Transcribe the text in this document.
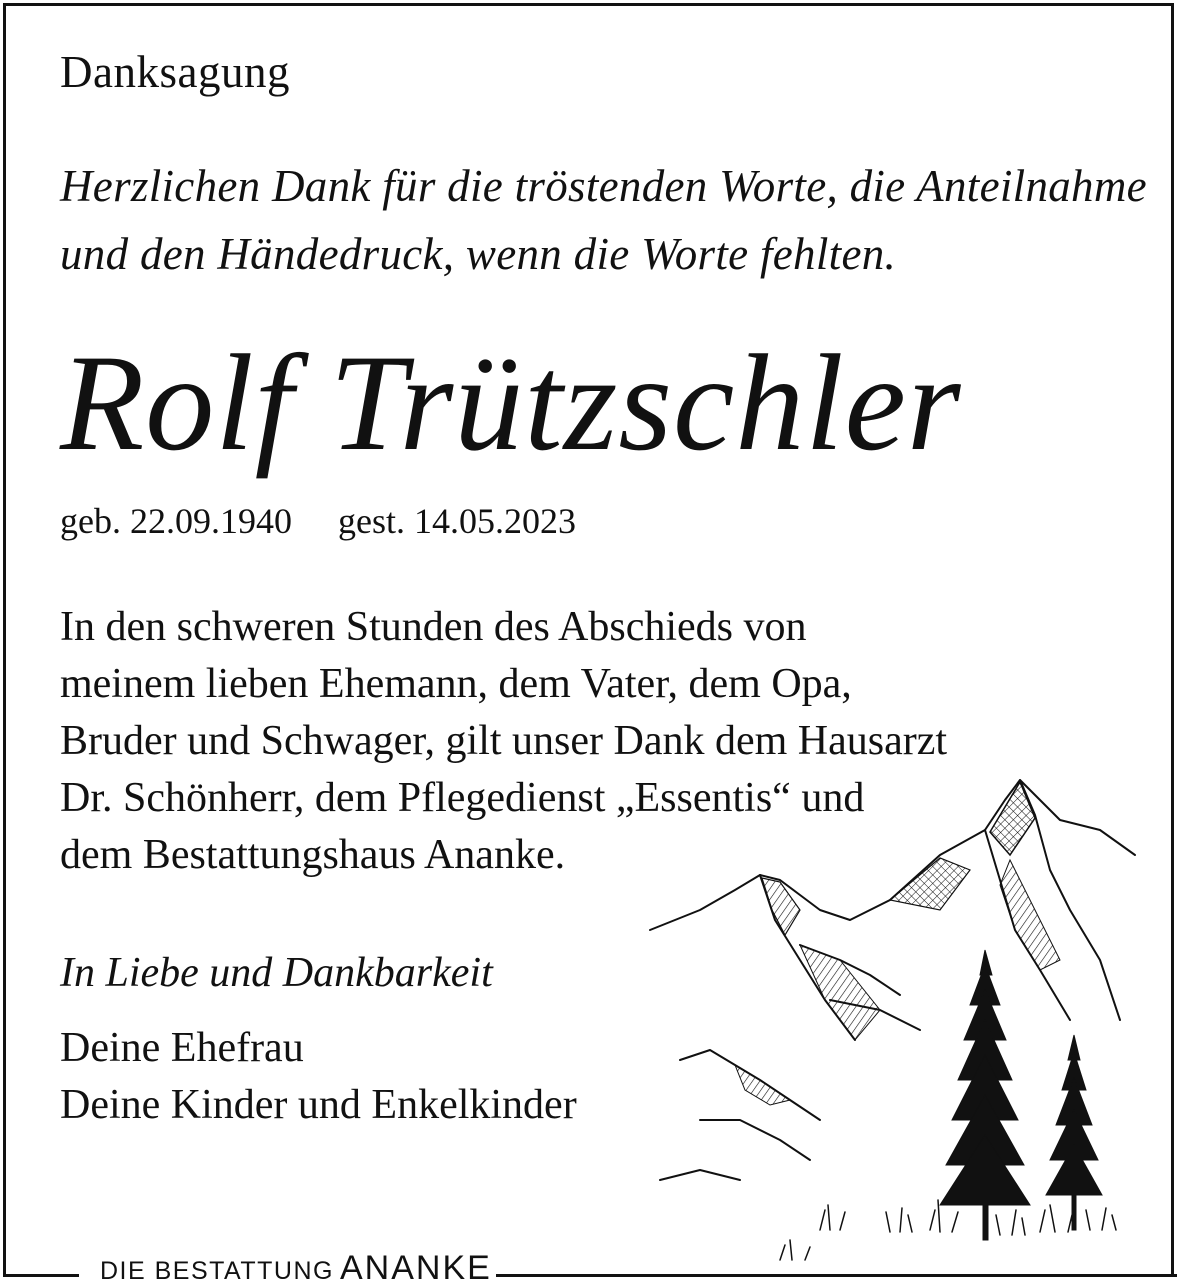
Danksagung
Herzlichen Dank für die tröstenden Worte, die Anteilnahme
und den Händedruck, wenn die Worte fehlten.
Rolf Trützschler
geb. 22.09.1940 gest. 14.05.2023
In den schweren Stunden des Abschieds von
meinem lieben Ehemann, dem Vater, dem Opa,
Bruder und Schwager, gilt unser Dank dem Hausarzt
Dr. Schönherr, dem Pflegedienst „Essentis“ und
dem Bestattungshaus Ananke.
In Liebe und Dankbarkeit
Deine Ehefrau
Deine Kinder und Enkelkinder
DIE BESTATTUNG ANANKE
